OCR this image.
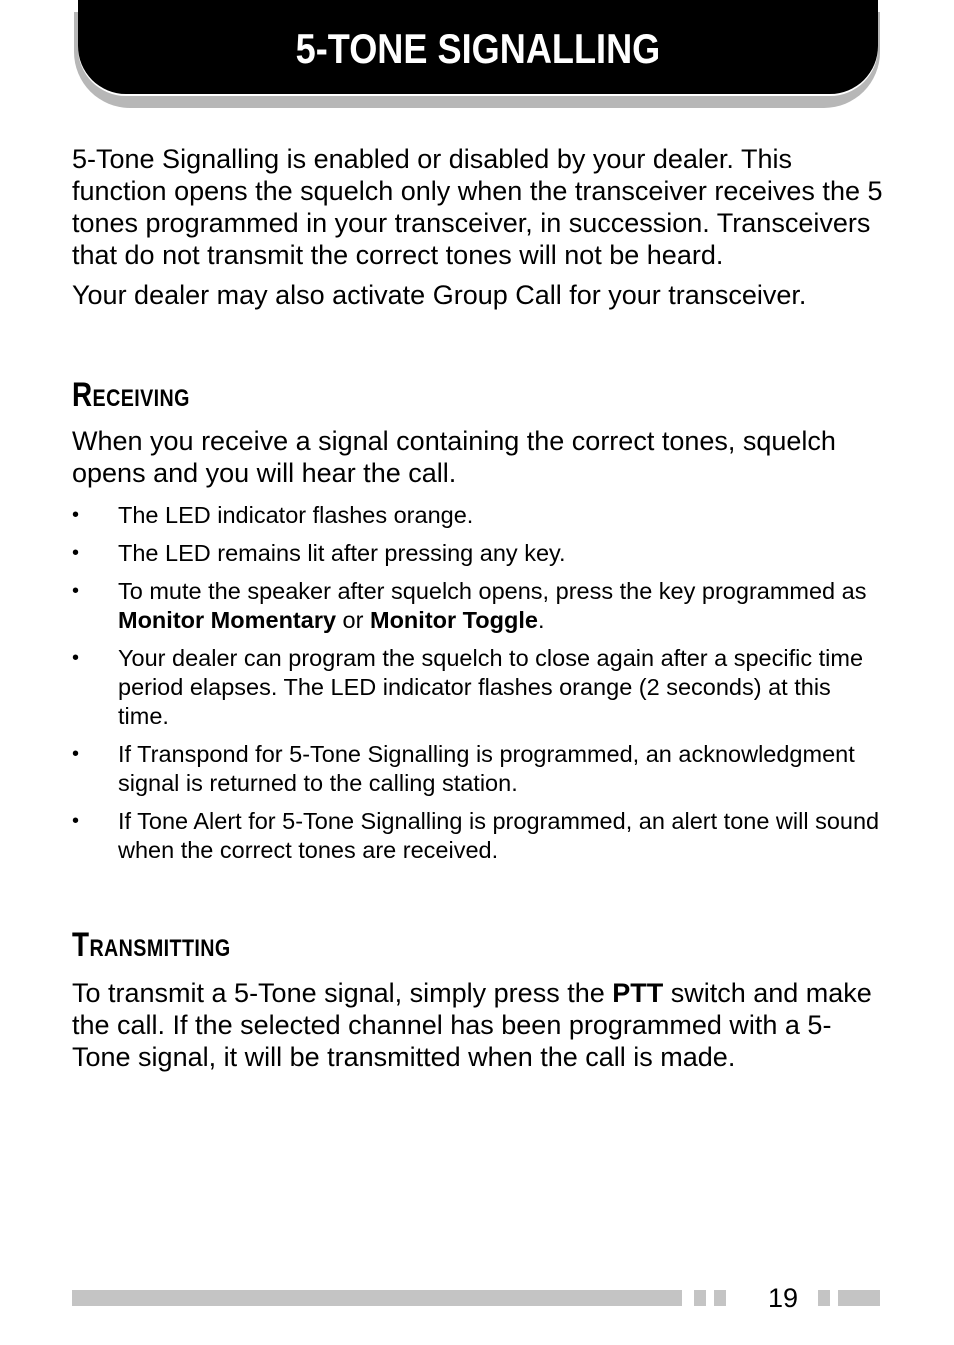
5-TONE SIGNALLING

5-Tone Signalling is enabled or disabled by your dealer. This function opens the squelch only when the transceiver receives the 5 tones programmed in your transceiver, in succession. Transceivers that do not transmit the correct tones will not be heard.

Your dealer may also activate Group Call for your transceiver.

Receiving

When you receive a signal containing the correct tones, squelch opens and you will hear the call.

• The LED indicator flashes orange.
• The LED remains lit after pressing any key.
• To mute the speaker after squelch opens, press the key programmed as Monitor Momentary or Monitor Toggle.
• Your dealer can program the squelch to close again after a specific time period elapses. The LED indicator flashes orange (2 seconds) at this time.
• If Transpond for 5-Tone Signalling is programmed, an acknowledgment signal is returned to the calling station.
• If Tone Alert for 5-Tone Signalling is programmed, an alert tone will sound when the correct tones are received.
Transmitting

To transmit a 5-Tone signal, simply press the PTT switch and make the call. If the selected channel has been programmed with a 5-Tone signal, it will be transmitted when the call is made.

19
